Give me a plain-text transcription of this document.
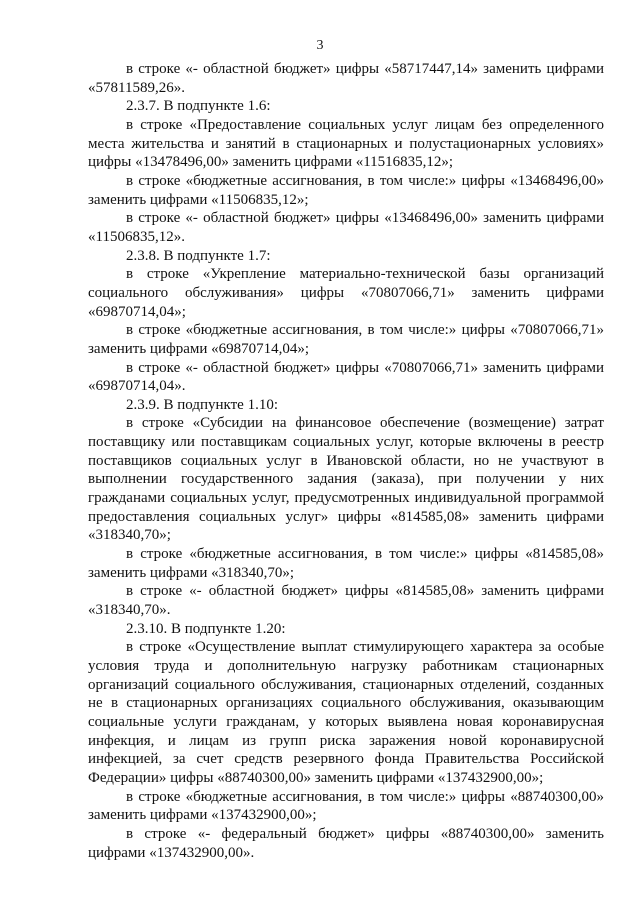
3

в строке «- областной бюджет» цифры «58717447,14» заменить цифрами «57811589,26».

2.3.7. В подпункте 1.6:

в строке «Предоставление социальных услуг лицам без определенного места жительства и занятий в стационарных и полустационарных условиях» цифры «13478496,00» заменить цифрами «11516835,12»;

в строке «бюджетные ассигнования, в том числе:» цифры «13468496,00» заменить цифрами «11506835,12»;

в строке «- областной бюджет» цифры «13468496,00» заменить цифрами «11506835,12».

2.3.8. В подпункте 1.7:

в строке «Укрепление материально-технической базы организаций социального обслуживания» цифры «70807066,71» заменить цифрами «69870714,04»;

в строке «бюджетные ассигнования, в том числе:» цифры «70807066,71» заменить цифрами «69870714,04»;

в строке «- областной бюджет» цифры «70807066,71» заменить цифрами «69870714,04».

2.3.9. В подпункте 1.10:

в строке «Субсидии на финансовое обеспечение (возмещение) затрат поставщику или поставщикам социальных услуг, которые включены в реестр поставщиков социальных услуг в Ивановской области, но не участвуют в выполнении государственного задания (заказа), при получении у них гражданами социальных услуг, предусмотренных индивидуальной программой предоставления социальных услуг» цифры «814585,08» заменить цифрами «318340,70»;

в строке «бюджетные ассигнования, в том числе:» цифры «814585,08» заменить цифрами «318340,70»;

в строке «- областной бюджет» цифры «814585,08» заменить цифрами «318340,70».

2.3.10. В подпункте 1.20:

в строке «Осуществление выплат стимулирующего характера за особые условия труда и дополнительную нагрузку работникам стационарных организаций социального обслуживания, стационарных отделений, созданных не в стационарных организациях социального обслуживания, оказывающим социальные услуги гражданам, у которых выявлена новая коронавирусная инфекция, и лицам из групп риска заражения новой коронавирусной инфекцией, за счет средств резервного фонда Правительства Российской Федерации» цифры «88740300,00» заменить цифрами «137432900,00»;

в строке «бюджетные ассигнования, в том числе:» цифры «88740300,00» заменить цифрами «137432900,00»;

в строке «- федеральный бюджет» цифры «88740300,00» заменить цифрами «137432900,00».
